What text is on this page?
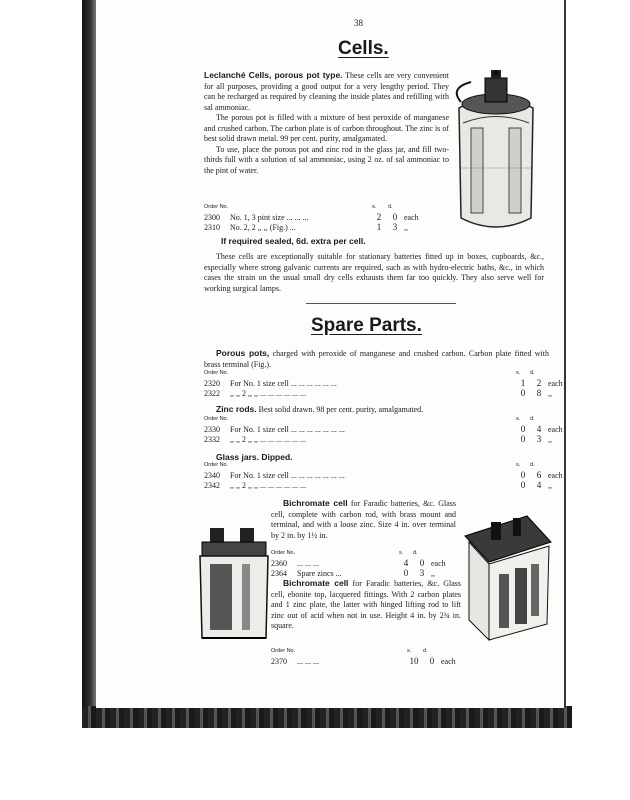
38
Cells.

Leclanché Cells, porous pot type. These cells are very convenient for all purposes, providing a good output for a very lengthy period. They can be recharged as required by cleaning the inside plates and refilling with sal ammoniac.

The porous pot is filled with a mixture of best peroxide of manganese and crushed carbon. The carbon plate is of carbon throughout. The zinc is of best solid drawn metal. 99 per cent. purity, amalgamated.

To use, place the porous pot and zinc rod in the glass jar, and fill two-thirds full with a solution of sal ammoniac, using 2 oz. of sal ammoniac to the pint of water.

Order No.	s. d.
2300 No. 1, 3 pint size ... ... ...	2 0 each
2310 No. 2, 2 ,, ,, (Fig.) ...	1 3 ,,
If required sealed, 6d. extra per cell.

These cells are exceptionally suitable for stationary batteries fitted up in boxes, cupboards, &c., especially where strong galvanic currents are required, such as with hydro-electric baths, &c., in which cases the strain on the usual small dry cells exhausts them far too quickly. They also serve well for working surgical lamps.

Spare Parts.

Porous pots, charged with peroxide of manganese and crushed carbon. Carbon plate fitted with brass terminal (Fig.).

Order No.	s. d.
2320 For No. 1 size cell ... ... ... ... ... ...	1 2 each
2322 ,, ,, 2 ,, ,, ... ... ... ... ... ...	0 8 ,,

Zinc rods. Best solid drawn. 98 per cent. purity, amalgamated.

Order No.	s. d.
2330 For No. 1 size cell ... ... ... ... ... ... ...	0 4 each
2332 ,, ,, 2 ,, ,, ... ... ... ... ... ...	0 3 ,,

Glass jars. Dipped.

Order No.	s. d.
2340 For No. 1 size cell ... ... ... ... ... ... ...	0 6 each
2342 ,, ,, 2 ,, ,, ... ... ... ... ... ...	0 4 ,,

Bichromate cell for Faradic batteries, &c. Glass cell, complete with carbon rod, with brass mount and terminal, and with a loose zinc. Size 4 in. over terminal by 2 in. by 1½ in.

Order No.	s. d.
2360 ... ... ...	4 0 each
2364 Spare zincs ...	0 3 ,,

Bichromate cell for Faradic batteries, &c. Glass cell, ebonite top, lacquered fittings. With 2 carbon plates and 1 zinc plate, the latter with hinged lifting rod to lift zinc out of acid when not in use. Height 4 in. by 2¾ in. square.

Order No.	s. d.
2370 ... ... ...	10 0 each
